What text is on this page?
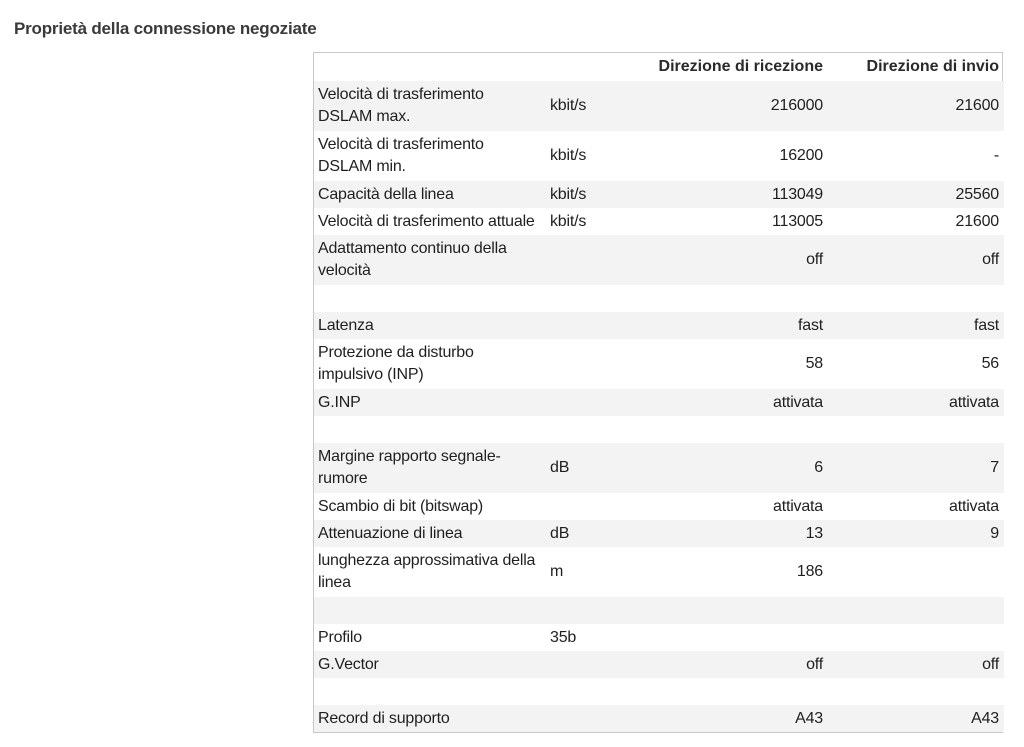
Proprietà della connessione negoziate
		Direzione di ricezione	Direzione di invio
Velocità di trasferimento DSLAM max.	kbit/s	216000	21600
Velocità di trasferimento DSLAM min.	kbit/s	16200	-
Capacità della linea	kbit/s	113049	25560
Velocità di trasferimento attuale	kbit/s	113005	21600
Adattamento continuo della velocità		off	off

Latenza		fast	fast
Protezione da disturbo impulsivo (INP)		58	56
G.INP		attivata	attivata

Margine rapporto segnale-rumore	dB	6	7
Scambio di bit (bitswap)		attivata	attivata
Attenuazione di linea	dB	13	9
lunghezza approssimativa della linea	m	186	

Profilo	35b		
G.Vector		off	off

Record di supporto		A43	A43
